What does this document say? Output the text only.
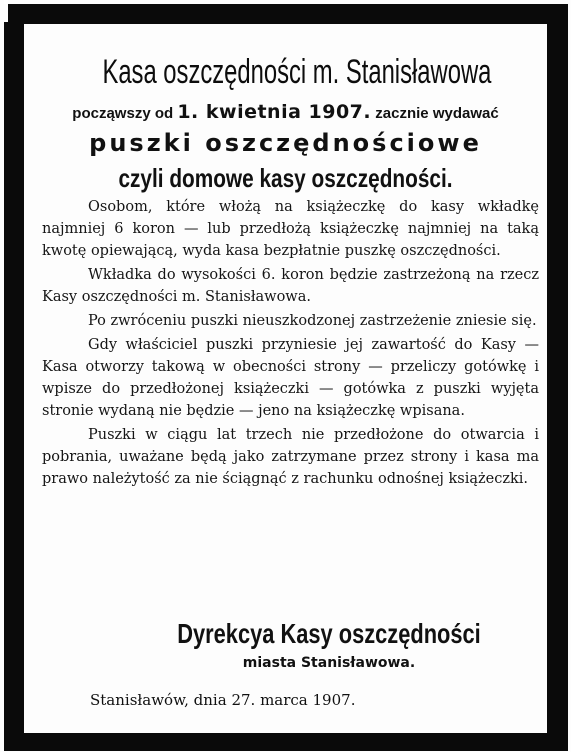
Kasa oszczędności m. Stanisławowa
począwszy od 1. kwietnia 1907. zacznie wydawać
puszki oszczędnościowe
czyli domowe kasy oszczędności.

Osobom, które włożą na książeczkę do kasy wkładkę najmniej 6 koron — lub przedłożą książeczkę najmniej na taką kwotę opiewającą, wyda kasa bezpłatnie puszkę oszczędności.

Wkładka do wysokości 6. koron będzie zastrzeżoną na rzecz Kasy oszczędności m. Stanisławowa.

Po zwróceniu puszki nieuszkodzonej zastrzeżenie zniesie się.

Gdy właściciel puszki przyniesie jej zawartość do Kasy — Kasa otworzy takową w obecności strony — przeliczy gotówkę i wpisze do przedłożonej książeczki — gotówka z puszki wyjęta stronie wydaną nie będzie — jeno na książeczkę wpisana.

Puszki w ciągu lat trzech nie przedłożone do otwarcia i pobrania, uważane będą jako zatrzymane przez strony i kasa ma prawo należytość za nie ściągnąć z rachunku odnośnej książeczki.

Dyrekcya Kasy oszczędności
miasta Stanisławowa.
Stanisławów, dnia 27. marca 1907.
